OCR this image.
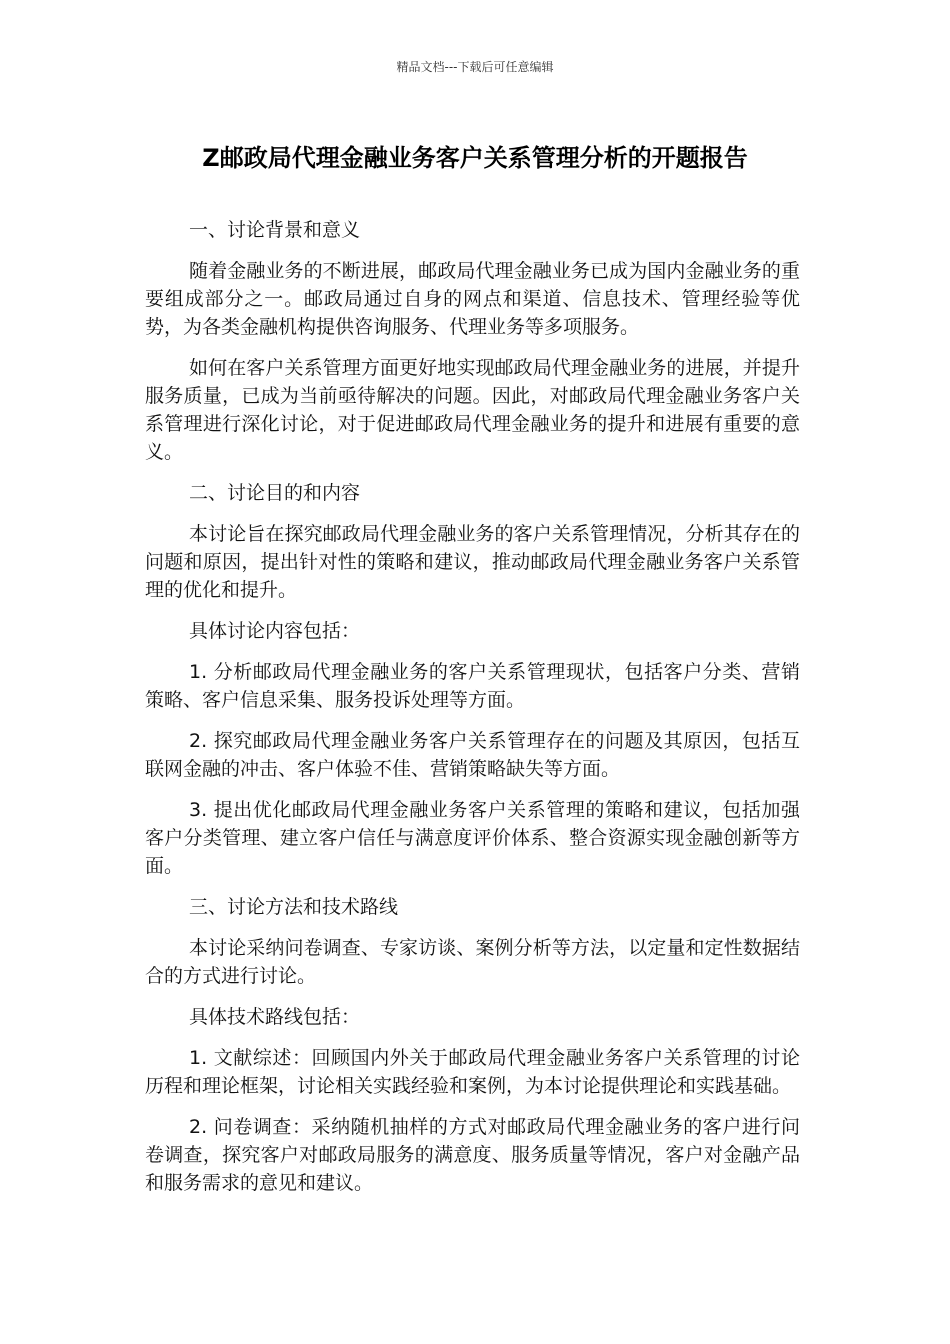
精品文档---下载后可任意编辑
Z邮政局代理金融业务客户关系管理分析的开题报告

一、讨论背景和意义

随着金融业务的不断进展，邮政局代理金融业务已成为国内金融业务的重要组成部分之一。邮政局通过自身的网点和渠道、信息技术、管理经验等优势，为各类金融机构提供咨询服务、代理业务等多项服务。

如何在客户关系管理方面更好地实现邮政局代理金融业务的进展，并提升服务质量，已成为当前亟待解决的问题。因此，对邮政局代理金融业务客户关系管理进行深化讨论，对于促进邮政局代理金融业务的提升和进展有重要的意义。

二、讨论目的和内容

本讨论旨在探究邮政局代理金融业务的客户关系管理情况，分析其存在的问题和原因，提出针对性的策略和建议，推动邮政局代理金融业务客户关系管理的优化和提升。

具体讨论内容包括：

1. 分析邮政局代理金融业务的客户关系管理现状，包括客户分类、营销策略、客户信息采集、服务投诉处理等方面。

2. 探究邮政局代理金融业务客户关系管理存在的问题及其原因，包括互联网金融的冲击、客户体验不佳、营销策略缺失等方面。

3. 提出优化邮政局代理金融业务客户关系管理的策略和建议，包括加强客户分类管理、建立客户信任与满意度评价体系、整合资源实现金融创新等方面。

三、讨论方法和技术路线

本讨论采纳问卷调查、专家访谈、案例分析等方法，以定量和定性数据结合的方式进行讨论。

具体技术路线包括：

1. 文献综述：回顾国内外关于邮政局代理金融业务客户关系管理的讨论历程和理论框架，讨论相关实践经验和案例，为本讨论提供理论和实践基础。

2. 问卷调查：采纳随机抽样的方式对邮政局代理金融业务的客户进行问卷调查，探究客户对邮政局服务的满意度、服务质量等情况，客户对金融产品和服务需求的意见和建议。
